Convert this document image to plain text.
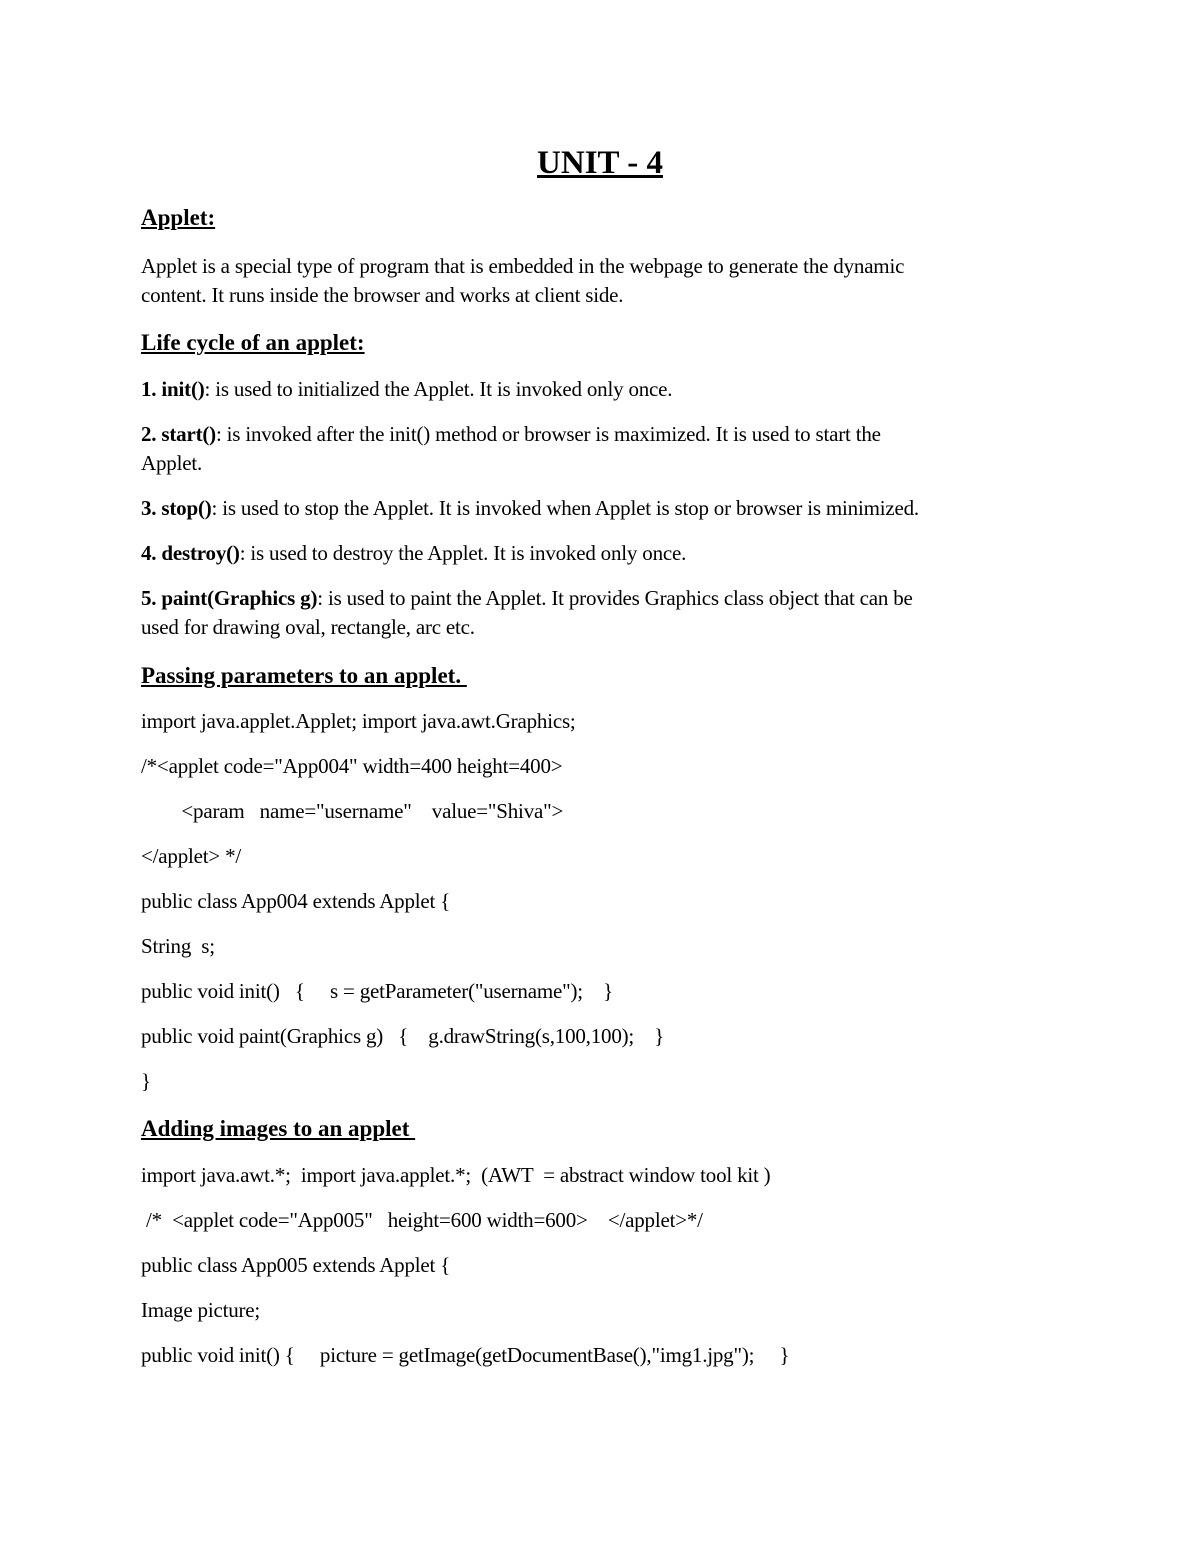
UNIT - 4
Applet:
Applet is a special type of program that is embedded in the webpage to generate the dynamic
content. It runs inside the browser and works at client side.
Life cycle of an applet:
1. init(): is used to initialized the Applet. It is invoked only once.
2. start(): is invoked after the init() method or browser is maximized. It is used to start the
Applet.
3. stop(): is used to stop the Applet. It is invoked when Applet is stop or browser is minimized.
4. destroy(): is used to destroy the Applet. It is invoked only once.
5. paint(Graphics g): is used to paint the Applet. It provides Graphics class object that can be
used for drawing oval, rectangle, arc etc.
Passing parameters to an applet.
import java.applet.Applet; import java.awt.Graphics;
/*<applet code="App004" width=400 height=400>
<param   name="username"    value="Shiva">
</applet> */
public class App004 extends Applet {
String  s;
public void init()   {     s = getParameter("username");    }
public void paint(Graphics g)   {    g.drawString(s,100,100);    }
}
Adding images to an applet
import java.awt.*;  import java.applet.*;  (AWT  = abstract window tool kit )
/*  <applet code="App005"   height=600 width=600>    </applet>*/
public class App005 extends Applet {
Image picture;
public void init() {     picture = getImage(getDocumentBase(),"img1.jpg");     }
